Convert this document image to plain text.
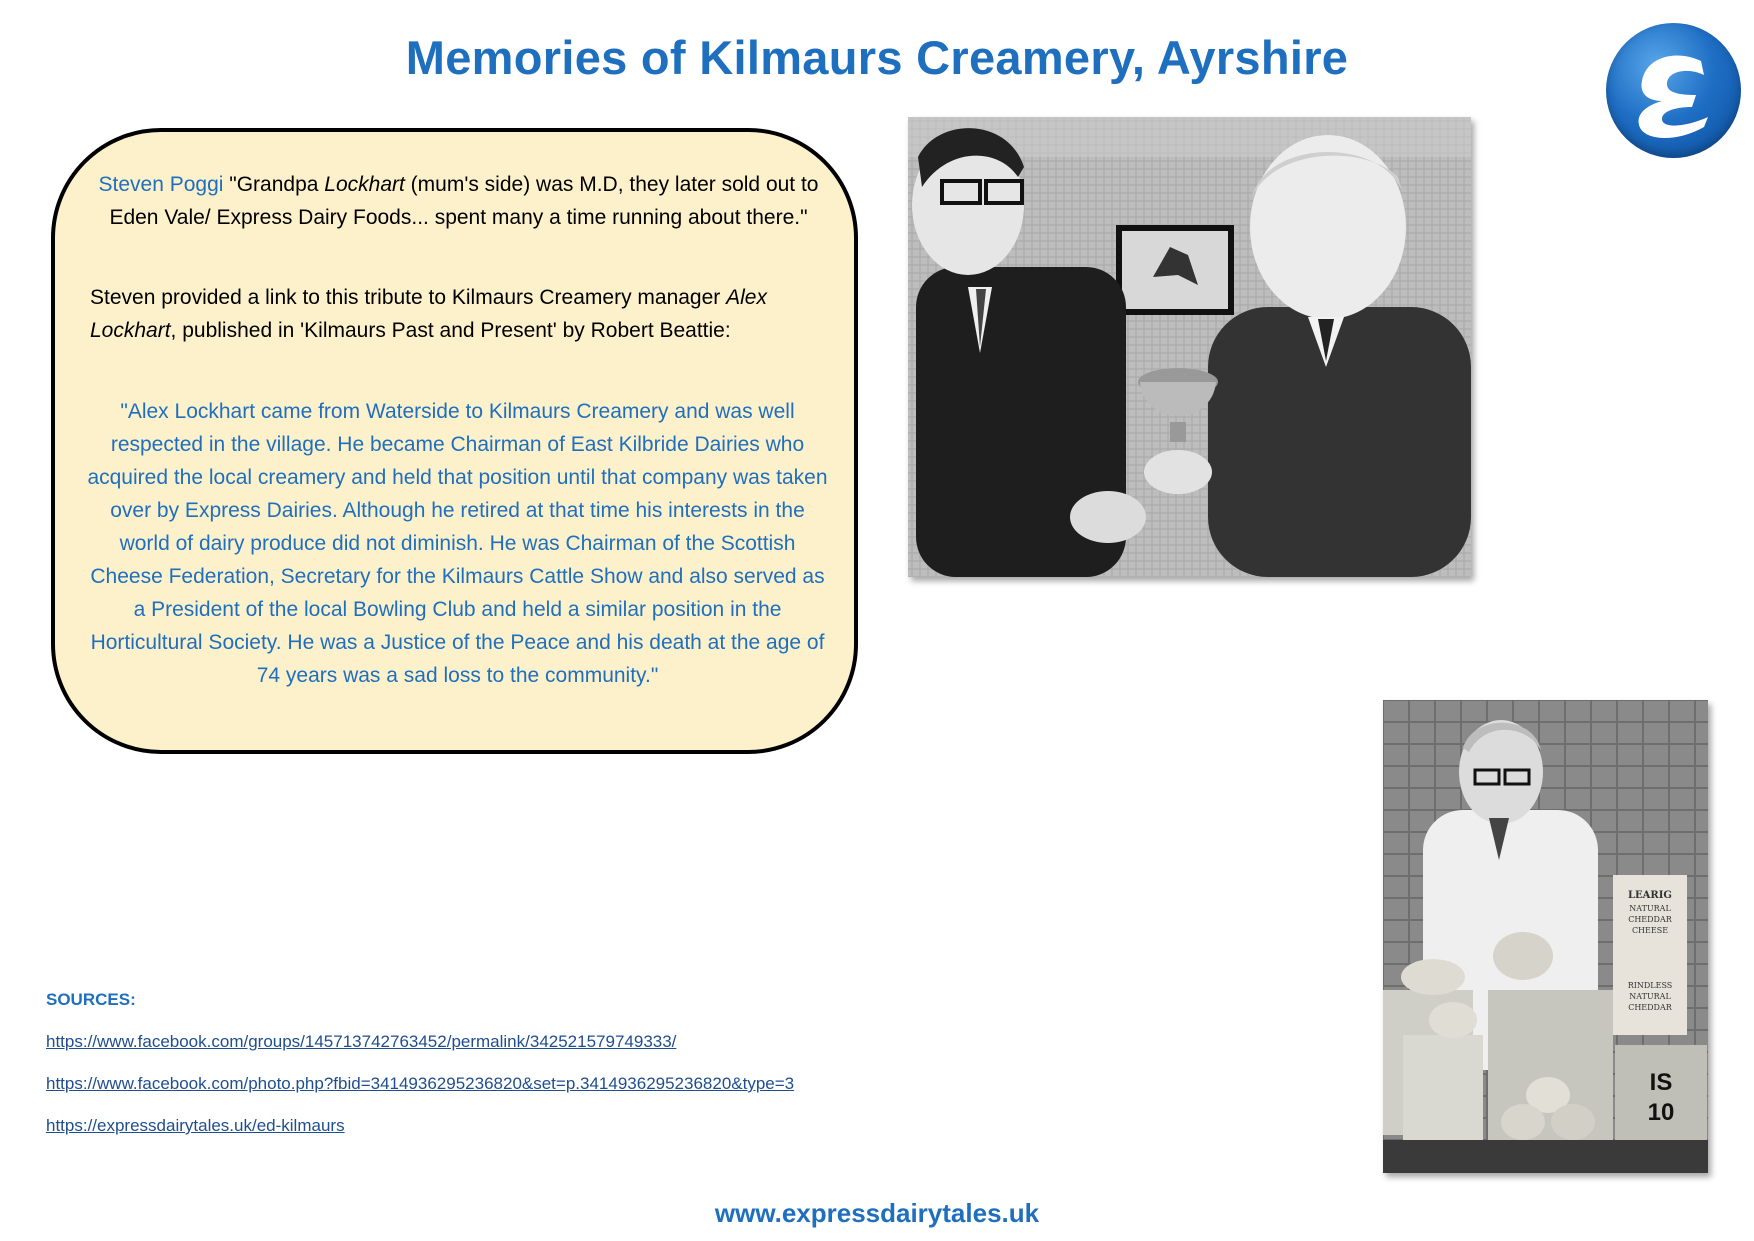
Memories of Kilmaurs Creamery, Ayrshire
Steven Poggi "Grandpa Lockhart (mum's side) was M.D, they later sold out to Eden Vale/ Express Dairy Foods... spent many a time running about there."
Steven provided a link to this tribute to Kilmaurs Creamery manager Alex Lockhart, published in 'Kilmaurs Past and Present' by Robert Beattie:
"Alex Lockhart came from Waterside to Kilmaurs Creamery and was well respected in the village. He became Chairman of East Kilbride Dairies who acquired the local creamery and held that position until that company was taken over by Express Dairies. Although he retired at that time his interests in the world of dairy produce did not diminish. He was Chairman of the Scottish Cheese Federation, Secretary for the Kilmaurs Cattle Show and also served as a President of the local Bowling Club and held a similar position in the Horticultural Society. He was a Justice of the Peace and his death at the age of 74 years was a sad loss to the community."
LEARIG
NATURAL
CHEDDAR
CHEESE
RINDLESS
NATURAL
CHEDDAR
IS
10
SOURCES:
https://www.facebook.com/groups/145713742763452/permalink/342521579749333/
https://www.facebook.com/photo.php?fbid=3414936295236820&set=p.3414936295236820&type=3
https://expressdairytales.uk/ed-kilmaurs
www.expressdairytales.uk
